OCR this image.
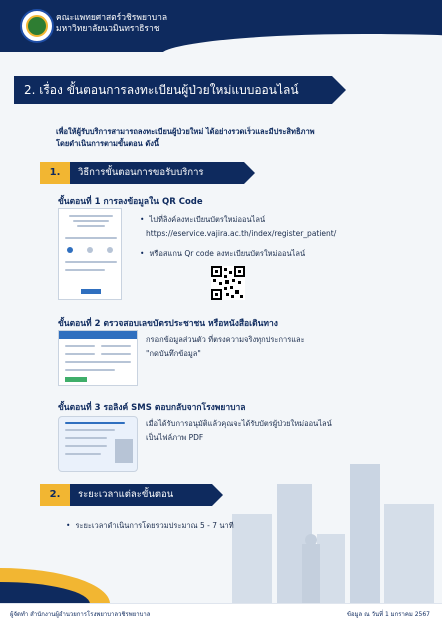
คณะแพทยศาสตร์วชิรพยาบาล
มหาวิทยาลัยนวมินทราธิราช
2. เรื่อง ขั้นตอนการลงทะเบียนผู้ป่วยใหม่แบบออนไลน์
เพื่อให้ผู้รับบริการสามารถลงทะเบียนผู้ป่วยใหม่ ได้อย่างรวดเร็วและมีประสิทธิภาพ
โดยดำเนินการตามขั้นตอน ดังนี้
1.	วิธีการขั้นตอนการขอรับบริการ
ขั้นตอนที่ 1 การลงข้อมูลใน QR Code
• ไปที่ลิงค์ลงทะเบียนบัตรใหม่ออนไลน์
https://eservice.vajira.ac.th/index/register_patient/
• หรือสแกน Qr code ลงทะเบียนบัตรใหม่ออนไลน์
ขั้นตอนที่ 2 ตรวจสอบเลขบัตรประชาชน หรือหนังสือเดินทาง
กรอกข้อมูลส่วนตัว ที่ตรงความจริงทุกประการและ
"กดบันทึกข้อมูล"
ขั้นตอนที่ 3 รอลิงค์ SMS ตอบกลับจากโรงพยาบาล
เมื่อได้รับการอนุมัติแล้วคุณจะได้รับบัตรผู้ป่วยใหม่ออนไลน์
เป็นไฟล์ภาพ PDF
2.	ระยะเวลาแต่ละขั้นตอน
• ระยะเวลาดำเนินการโดยรวมประมาณ 5 - 7 นาที
ผู้จัดทำ สำนักงานผู้อำนวยการโรงพยาบาลวชิรพยาบาล	ข้อมูล ณ วันที่ 1 มกราคม 2567
